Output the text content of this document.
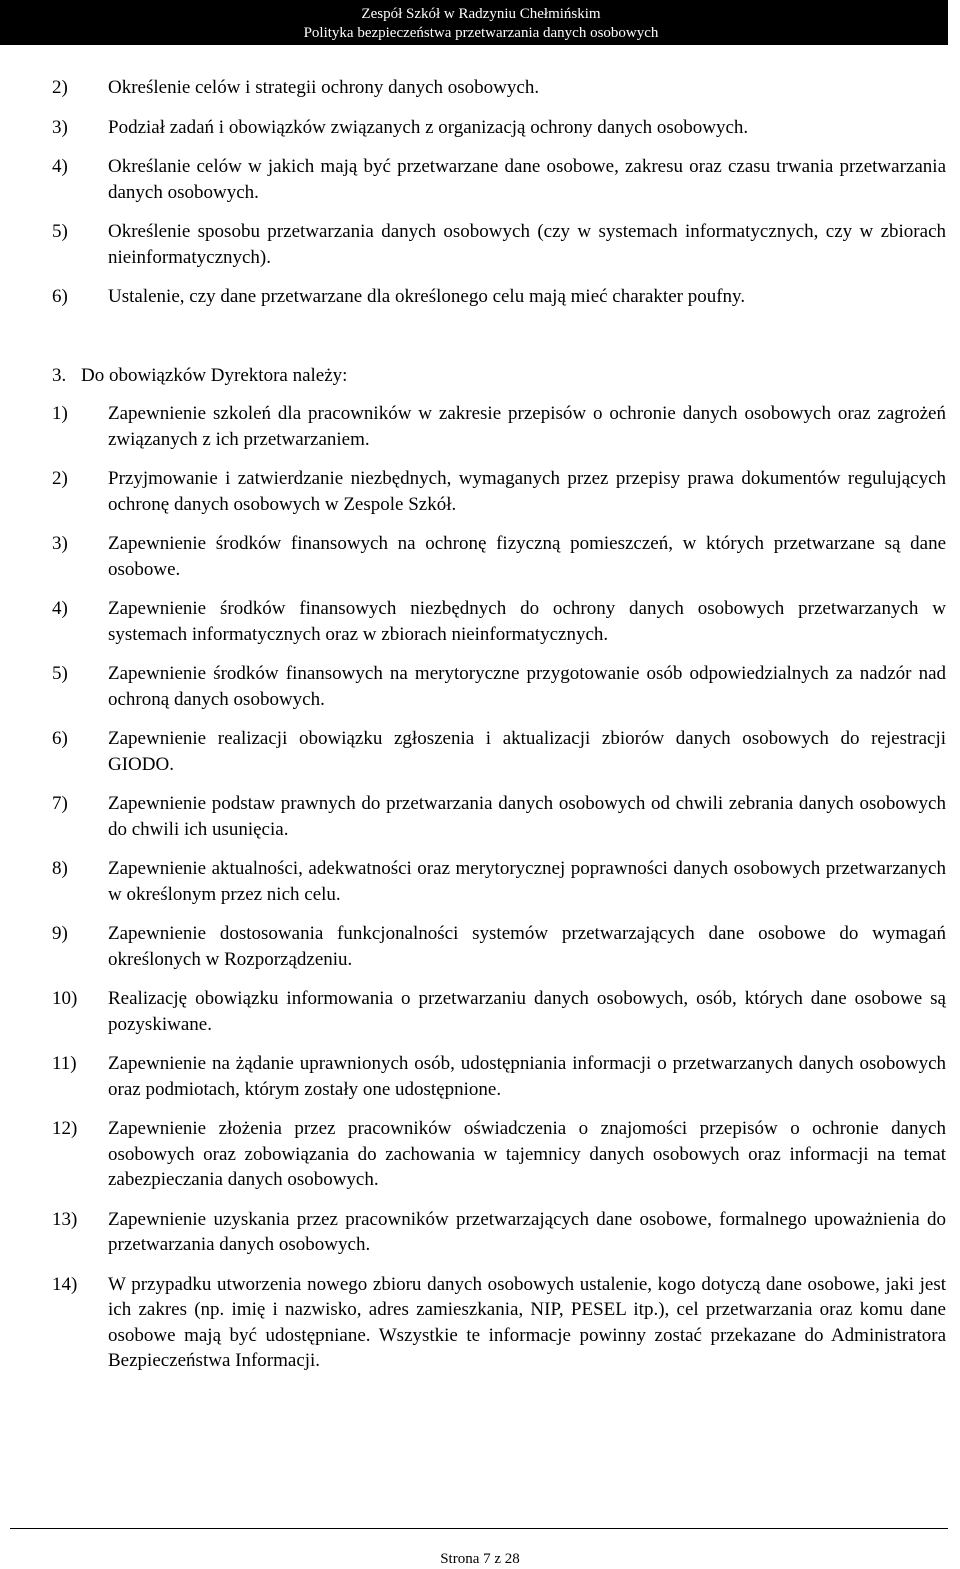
Zespół Szkół w Radzyniu Chełmińskim
Polityka bezpieczeństwa przetwarzania danych osobowych
2) Określenie celów i strategii ochrony danych osobowych.
3) Podział zadań i obowiązków związanych z organizacją ochrony danych osobowych.
4) Określanie celów w jakich mają być przetwarzane dane osobowe, zakresu oraz czasu trwania przetwarzania danych osobowych.
5) Określenie sposobu przetwarzania danych osobowych (czy w systemach informatycznych, czy w zbiorach nieinformatycznych).
6) Ustalenie, czy dane przetwarzane dla określonego celu mają mieć charakter poufny.
3. Do obowiązków Dyrektora należy:
1) Zapewnienie szkoleń dla pracowników w zakresie przepisów o ochronie danych osobowych oraz zagrożeń związanych z ich przetwarzaniem.
2) Przyjmowanie i zatwierdzanie niezbędnych, wymaganych przez przepisy prawa dokumentów regulujących ochronę danych osobowych w Zespole Szkół.
3) Zapewnienie środków finansowych na ochronę fizyczną pomieszczeń, w których przetwarzane są dane osobowe.
4) Zapewnienie środków finansowych niezbędnych do ochrony danych osobowych przetwarzanych w systemach informatycznych oraz w zbiorach nieinformatycznych.
5) Zapewnienie środków finansowych na merytoryczne przygotowanie osób odpowiedzialnych za nadzór nad ochroną danych osobowych.
6) Zapewnienie realizacji obowiązku zgłoszenia i aktualizacji zbiorów danych osobowych do rejestracji GIODO.
7) Zapewnienie podstaw prawnych do przetwarzania danych osobowych od chwili zebrania danych osobowych do chwili ich usunięcia.
8) Zapewnienie aktualności, adekwatności oraz merytorycznej poprawności danych osobowych przetwarzanych w określonym przez nich celu.
9) Zapewnienie dostosowania funkcjonalności systemów przetwarzających dane osobowe do wymagań określonych w Rozporządzeniu.
10) Realizację obowiązku informowania o przetwarzaniu danych osobowych, osób, których dane osobowe są pozyskiwane.
11) Zapewnienie na żądanie uprawnionych osób, udostępniania informacji o przetwarzanych danych osobowych oraz podmiotach, którym zostały one udostępnione.
12) Zapewnienie złożenia przez pracowników oświadczenia o znajomości przepisów o ochronie danych osobowych oraz zobowiązania do zachowania w tajemnicy danych osobowych oraz informacji na temat zabezpieczania danych osobowych.
13) Zapewnienie uzyskania przez pracowników przetwarzających dane osobowe, formalnego upoważnienia do przetwarzania danych osobowych.
14) W przypadku utworzenia nowego zbioru danych osobowych ustalenie, kogo dotyczą dane osobowe, jaki jest ich zakres (np. imię i nazwisko, adres zamieszkania, NIP, PESEL itp.), cel przetwarzania oraz komu dane osobowe mają być udostępniane. Wszystkie te informacje powinny zostać przekazane do Administratora Bezpieczeństwa Informacji.
Strona 7 z 28
